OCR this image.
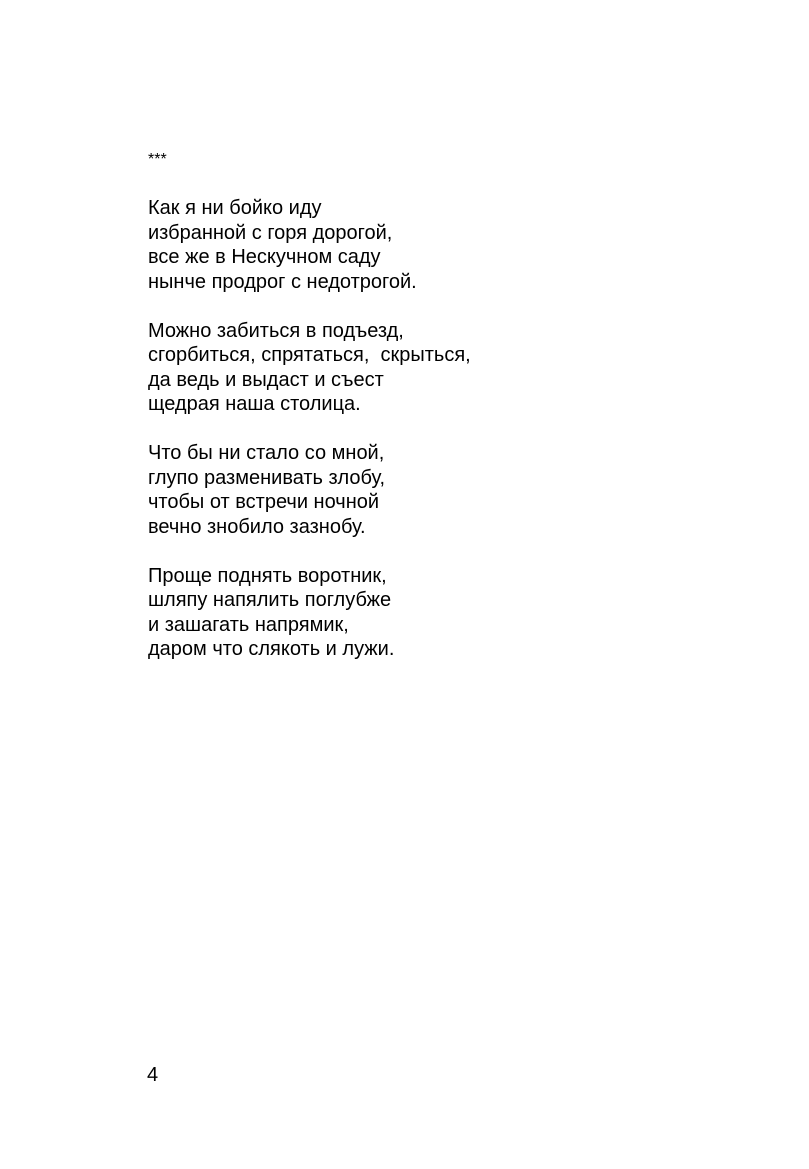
***
Как я ни бойко иду
избранной с горя дорогой,
все же в Нескучном саду
нынче продрог с недотрогой.
Можно забиться в подъезд,
сгорбиться, спрятаться,  скрыться,
да ведь и выдаст и съест
щедрая наша столица.
Что бы ни стало со мной,
глупо разменивать злобу,
чтобы от встречи ночной
вечно знобило зазнобу.
Проще поднять воротник,
шляпу напялить поглубже
и зашагать напрямик,
даром что слякоть и лужи.
4
